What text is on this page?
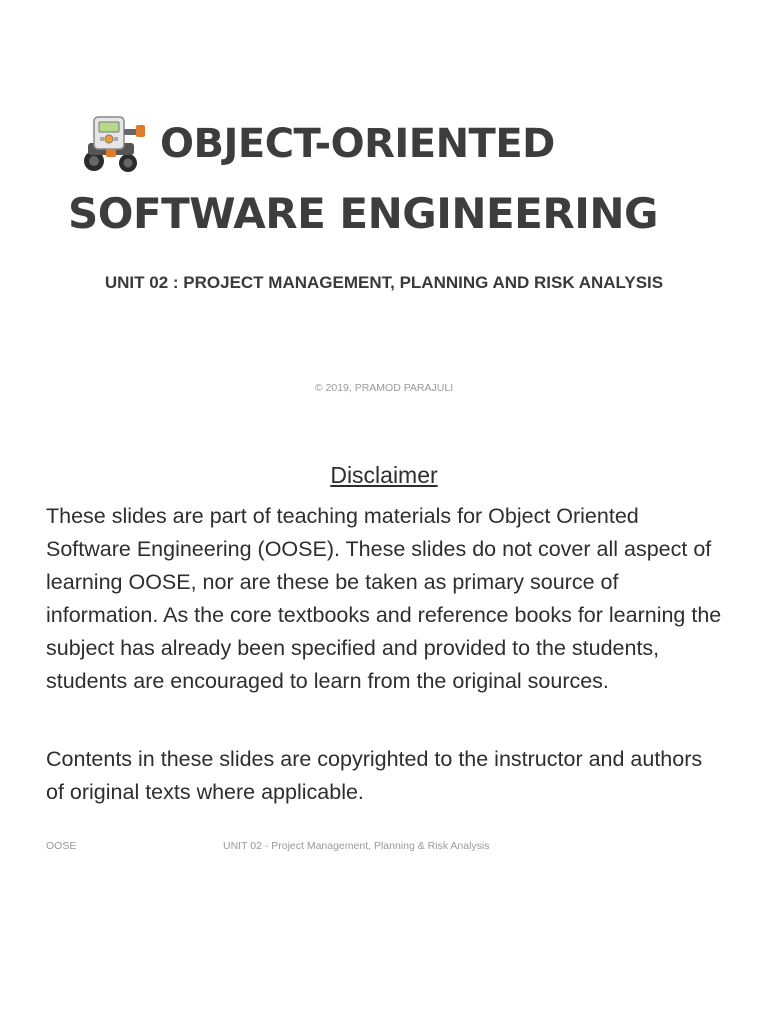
OBJECT-ORIENTED
SOFTWARE ENGINEERING
UNIT 02 : PROJECT MANAGEMENT, PLANNING AND RISK ANALYSIS
© 2019, PRAMOD PARAJULI
Disclaimer

These slides are part of teaching materials for Object Oriented Software Engineering (OOSE). These slides do not cover all aspect of learning OOSE, nor are these be taken as primary source of information. As the core textbooks and reference books for learning the subject has already been specified and provided to the students, students are encouraged to learn from the original sources.

Contents in these slides are copyrighted to the instructor and authors of original texts where applicable.

OOSE	UNIT 02 - Project Management, Planning & Risk Analysis
